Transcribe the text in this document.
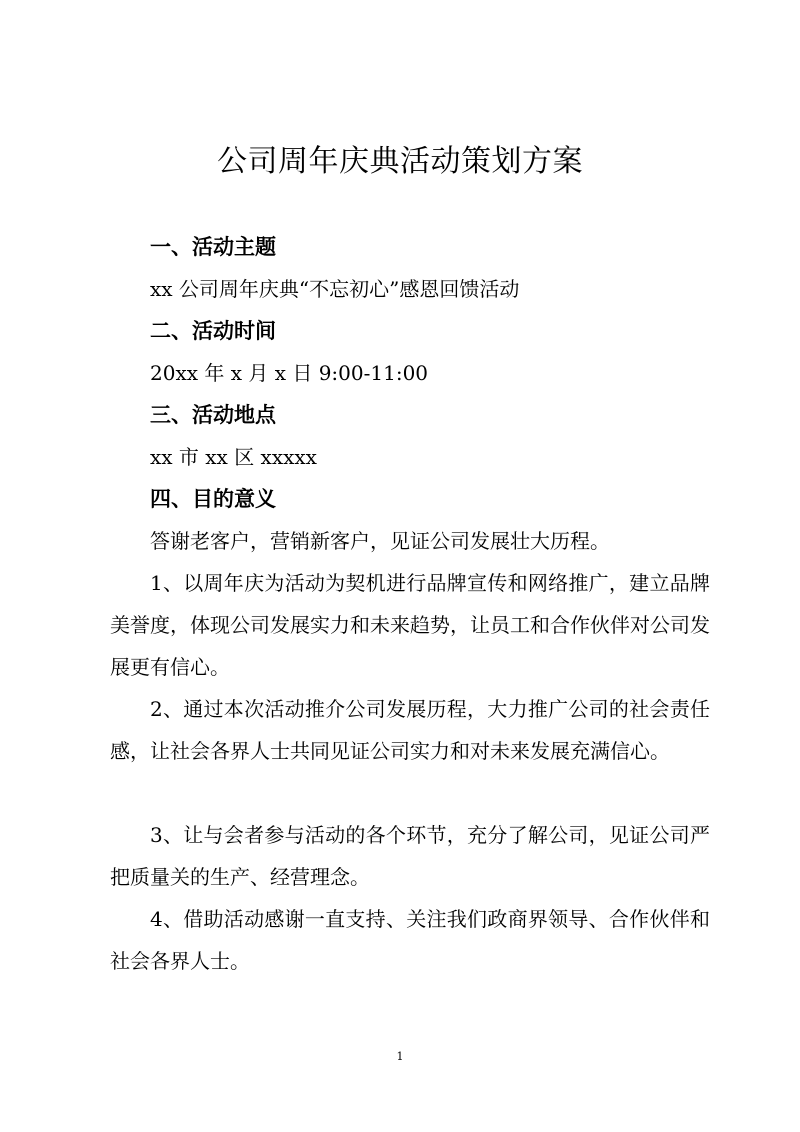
公司周年庆典活动策划方案
一、活动主题
xx 公司周年庆典“不忘初心”感恩回馈活动
二、活动时间
20xx 年 x 月 x 日 9:00-11:00
三、活动地点
xx 市 xx 区 xxxxx
四、目的意义
答谢老客户，营销新客户，见证公司发展壮大历程。
1、以周年庆为活动为契机进行品牌宣传和网络推广，建立品牌美誉度，体现公司发展实力和未来趋势，让员工和合作伙伴对公司发展更有信心。
2、通过本次活动推介公司发展历程，大力推广公司的社会责任感，让社会各界人士共同见证公司实力和对未来发展充满信心。
3、让与会者参与活动的各个环节，充分了解公司，见证公司严把质量关的生产、经营理念。
4、借助活动感谢一直支持、关注我们政商界领导、合作伙伴和社会各界人士。
1
